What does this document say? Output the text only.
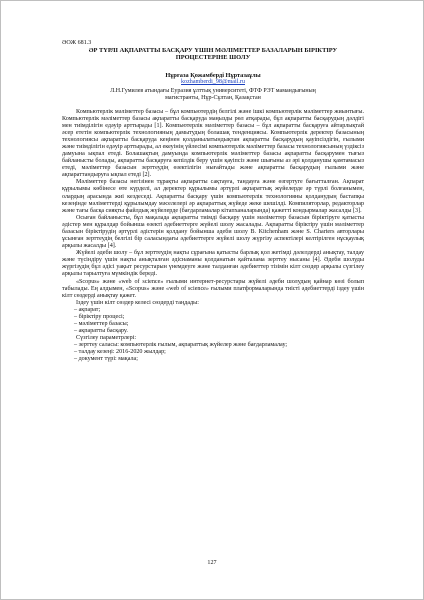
ӘОЖ 681.3

ӘР ТҮРЛІ АҚПАРАТТЫ БАСҚАРУ ҮШІН МӘЛІМЕТТЕР БАЗАЛАРЫН БІРІКТІРУ
ПРОЦЕСТЕРІНЕ ШОЛУ

Нұрғаза Қожамбердi Нұртазаұлы

kozhamberdi_98@mail.ru

Л.Н.Гумилев атындағы Еуразия ұлттық университеті, ФТФ РЭТ мамандығының

магистранты, Нұр-Сұлтан, Қазақстан

Компьютерлік мәліметтер базасы – бұл компьютердің белгілі жəне ішкі компьютерлік мәліметтер жиынтығы. Компьютерлік мәліметтер базасы ақпаратты басқаруда маңызды рөл атқарады, бұл ақпаратты басқарудың дәлдігі мен тиімділігін едәуір арттырады [1]. Компьютерлік мәліметтер базасы – бұл ақпаратты басқаруға айтарлықтай әсер ететін компьютерлік технологияның дамытудың болашақ тенденциясы. Компьютерлік деректер базасының технологиясы ақпаратты басқаруда кеңінен қолданылатындықтан ақпаратты басқарудың қауіпсіздігін, ғылыми және тиімділігін едәуір арттырады, ал екеуінің үйлесімі компьютерлік мәліметтер базасы технологиясының үздіксіз дамуына ықпал етеді. Болашақтың дамуында компьютерлік мәліметтер базасы ақпаратты басқарумен тығыз байланысты болады, ақпаратты басқаруға кепілдік беру үшін қауіпсіз және шығыны аз әрі қолданушы қамтамасыз етеді, мәліметтер базасын зерттеудің өзектілігін нығайтады және ақпаратты басқарудың ғылыми және ақпараттандыруға ықпал етеді [2].

Мәліметтер базасы негізінен тұрақты ақпаратты сақтауға, тандауға және өзгертуге бағытталған. Ақпарат құрылымы көбінесе өте күрделі, ал деректер құрылымы әртүрлі ақпараттық жүйелерде әр түрлі болғанымен, олардың арасында жиі кездеседі. Ақпаратты басқару үшін компьютерлік технологияны қолданудың бастапқы кезеңінде мәліметтерді құрылымдау мәселелері әр ақпараттық жүйеде жеке шешілді. Компиляторлар, редакторлар және тағы басқа сияқты файлдық жүйелерде (бағдарламалар кітапханаларында) қажетті кондырмалар жасалды [3].

Осыған байланысты, бұл мақалада ақпаратты тиімді басқару үшін мәліметтер базасын біріктіруге қатысты әдістер мен құралдар бойынша өзекті әдебиеттерге жүйелі шолу жасалады. Ақпаратты біріктіру үшін мәліметтер базасын біріктірудің әртүрлі әдістерін қолдану бойынша әдеби шолу B. Kitchenham және S. Charters авторлары ұсынған зерттеудің белгілі бір саласындағы әдебиеттерге жүйелі шолу жүргізу аспектілері келтірілген нұсқаулық арқылы жасалды [4].

Жүйелі әдеби шолу – бұл зерттеудің нақты сұрағына қатысты барлық қол жетімді дәлелдерді анықтау, талдау және түсіндіру үшін нақты анықталған әдіснаманы қолданатын қайталама зерттеу нысаны [4]. Әдеби шолуды жүргізудің бұл әдісі уақыт ресурстарын үнемдеуге және талданған әдебиеттер тізімін кілт сөздер арқылы сүзгілеу арқылы тарылтуға мүмкіндік береді.

«Scopus» және «web of science» ғылыми интернет-ресурстары жүйелі әдеби шолудың қайнар көзі болып табылады. Ең алдымен, «Scopus» және «web of science» ғылыми платформаларында тиісті әдебиеттерді іздеу үшін кілт сөздерді анықтау қажет.

Іздеу үшін кілт сөздер келесі сөздерді таңдады:

– ақпарат;

– біріктіру процесі;

– мәліметтер базасы;

– ақпаратты басқару.

Сүзгілеу параметрлері:

– зерттеу саласы: компьютерлік ғылым, ақпараттық жүйелер және бағдарламалау;

– талдау кезеңі: 2016-2020 жылдар;

– документ түрі: мақала;

127
